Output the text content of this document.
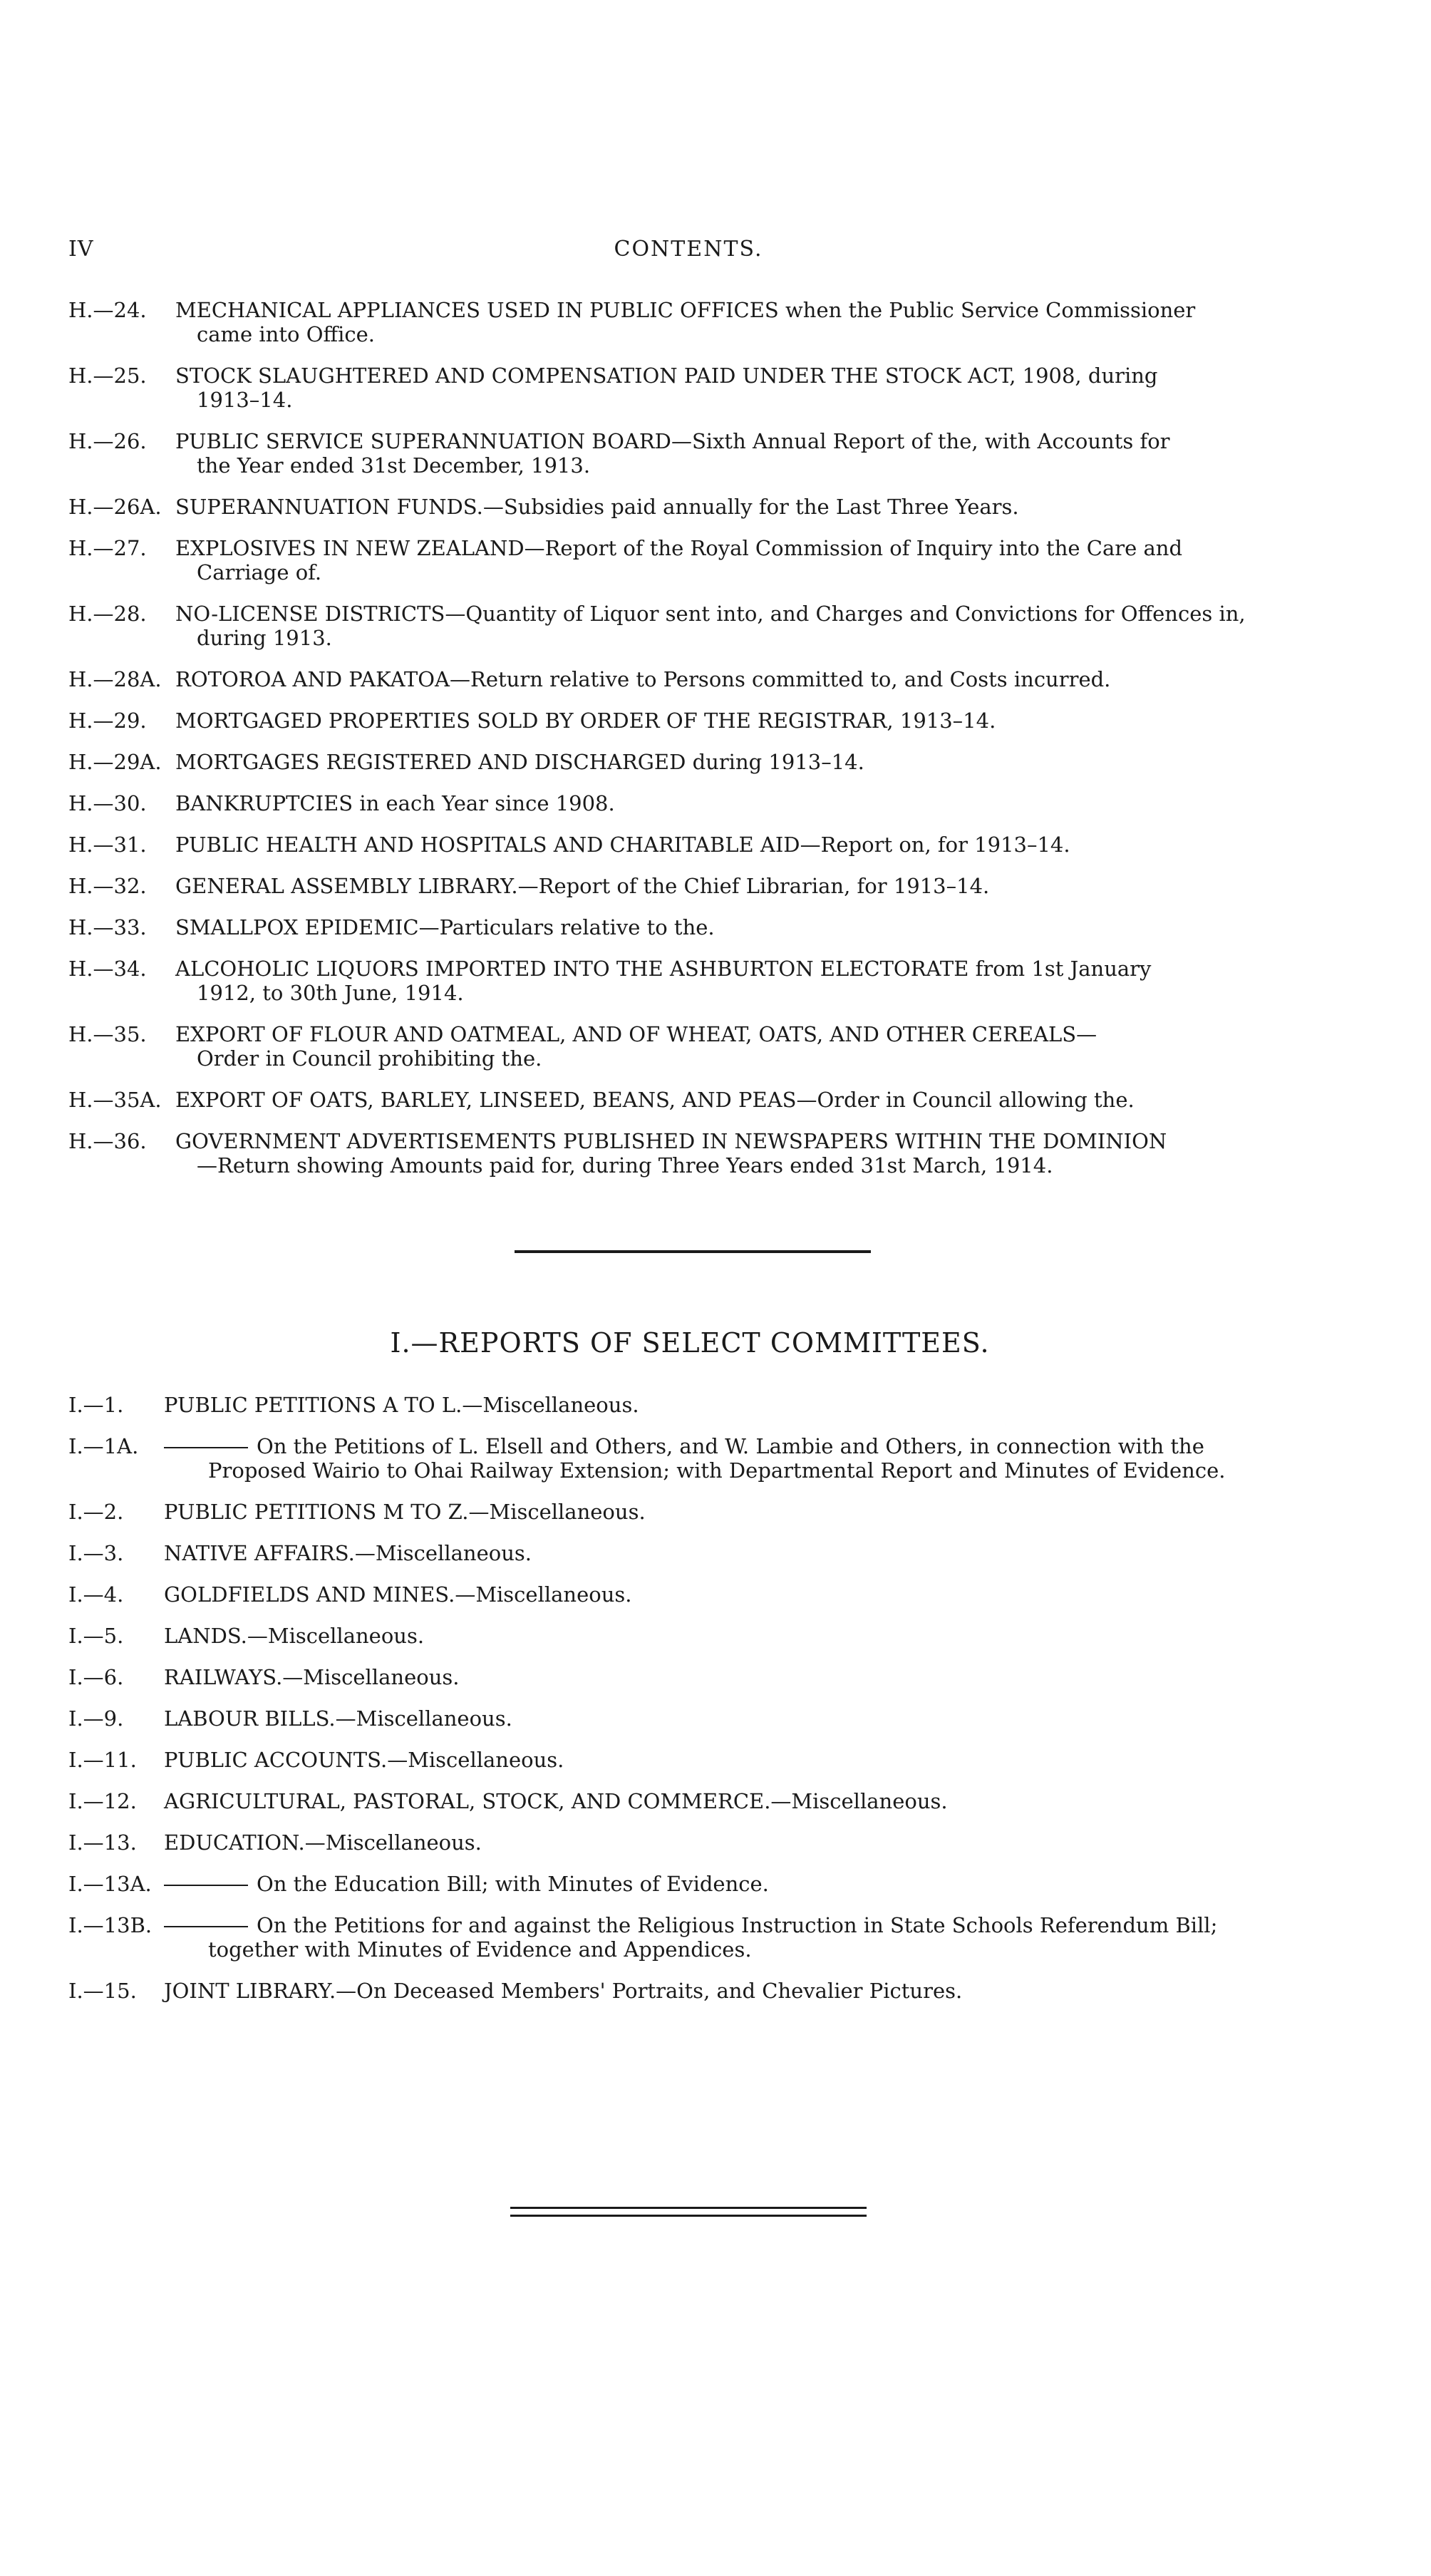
IV	CONTENTS.
H.—24.	MECHANICAL APPLIANCES USED IN PUBLIC OFFICES when the Public Service Commissioner
came into Office.
H.—25.	STOCK SLAUGHTERED AND COMPENSATION PAID UNDER THE STOCK ACT, 1908, during
1913–14.
H.—26.	PUBLIC SERVICE SUPERANNUATION BOARD—Sixth Annual Report of the, with Accounts for
the Year ended 31st December, 1913.
H.—26A. SUPERANNUATION FUNDS.—Subsidies paid annually for the Last Three Years.
H.—27.	EXPLOSIVES IN NEW ZEALAND—Report of the Royal Commission of Inquiry into the Care and
Carriage of.
H.—28.	NO-LICENSE DISTRICTS—Quantity of Liquor sent into, and Charges and Convictions for Offences in,
during 1913.
H.—28A. ROTOROA AND PAKATOA—Return relative to Persons committed to, and Costs incurred.
H.—29.	MORTGAGED PROPERTIES SOLD BY ORDER OF THE REGISTRAR, 1913–14.
H.—29A. MORTGAGES REGISTERED AND DISCHARGED during 1913–14.
H.—30.	BANKRUPTCIES in each Year since 1908.
H.—31.	PUBLIC HEALTH AND HOSPITALS AND CHARITABLE AID—Report on, for 1913–14.
H.—32.	GENERAL ASSEMBLY LIBRARY.—Report of the Chief Librarian, for 1913–14.
H.—33.	SMALLPOX EPIDEMIC—Particulars relative to the.
H.—34.	ALCOHOLIC LIQUORS IMPORTED INTO THE ASHBURTON ELECTORATE from 1st January
1912, to 30th June, 1914.
H.—35.	EXPORT OF FLOUR AND OATMEAL, AND OF WHEAT, OATS, AND OTHER CEREALS—
Order in Council prohibiting the.
H.—35A. EXPORT OF OATS, BARLEY, LINSEED, BEANS, AND PEAS—Order in Council allowing the.
H.—36.	GOVERNMENT ADVERTISEMENTS PUBLISHED IN NEWSPAPERS WITHIN THE DOMINION
—Return showing Amounts paid for, during Three Years ended 31st March, 1914.
I.—REPORTS OF SELECT COMMITTEES.
I.—1.	PUBLIC PETITIONS A TO L.—Miscellaneous.
I.—1A.	On the Petitions of L. Elsell and Others, and W. Lambie and Others, in connection with the
Proposed Wairio to Ohai Railway Extension; with Departmental Report and Minutes of Evidence.
I.—2.	PUBLIC PETITIONS M TO Z.—Miscellaneous.
I.—3.	NATIVE AFFAIRS.—Miscellaneous.
I.—4.	GOLDFIELDS AND MINES.—Miscellaneous.
I.—5.	LANDS.—Miscellaneous.
I.—6.	RAILWAYS.—Miscellaneous.
I.—9.	LABOUR BILLS.—Miscellaneous.
I.—11.	PUBLIC ACCOUNTS.—Miscellaneous.
I.—12.	AGRICULTURAL, PASTORAL, STOCK, AND COMMERCE.—Miscellaneous.
I.—13.	EDUCATION.—Miscellaneous.
I.—13A.	On the Education Bill; with Minutes of Evidence.
I.—13B.	On the Petitions for and against the Religious Instruction in State Schools Referendum Bill;
together with Minutes of Evidence and Appendices.
I.—15.	JOINT LIBRARY.—On Deceased Members' Portraits, and Chevalier Pictures.
